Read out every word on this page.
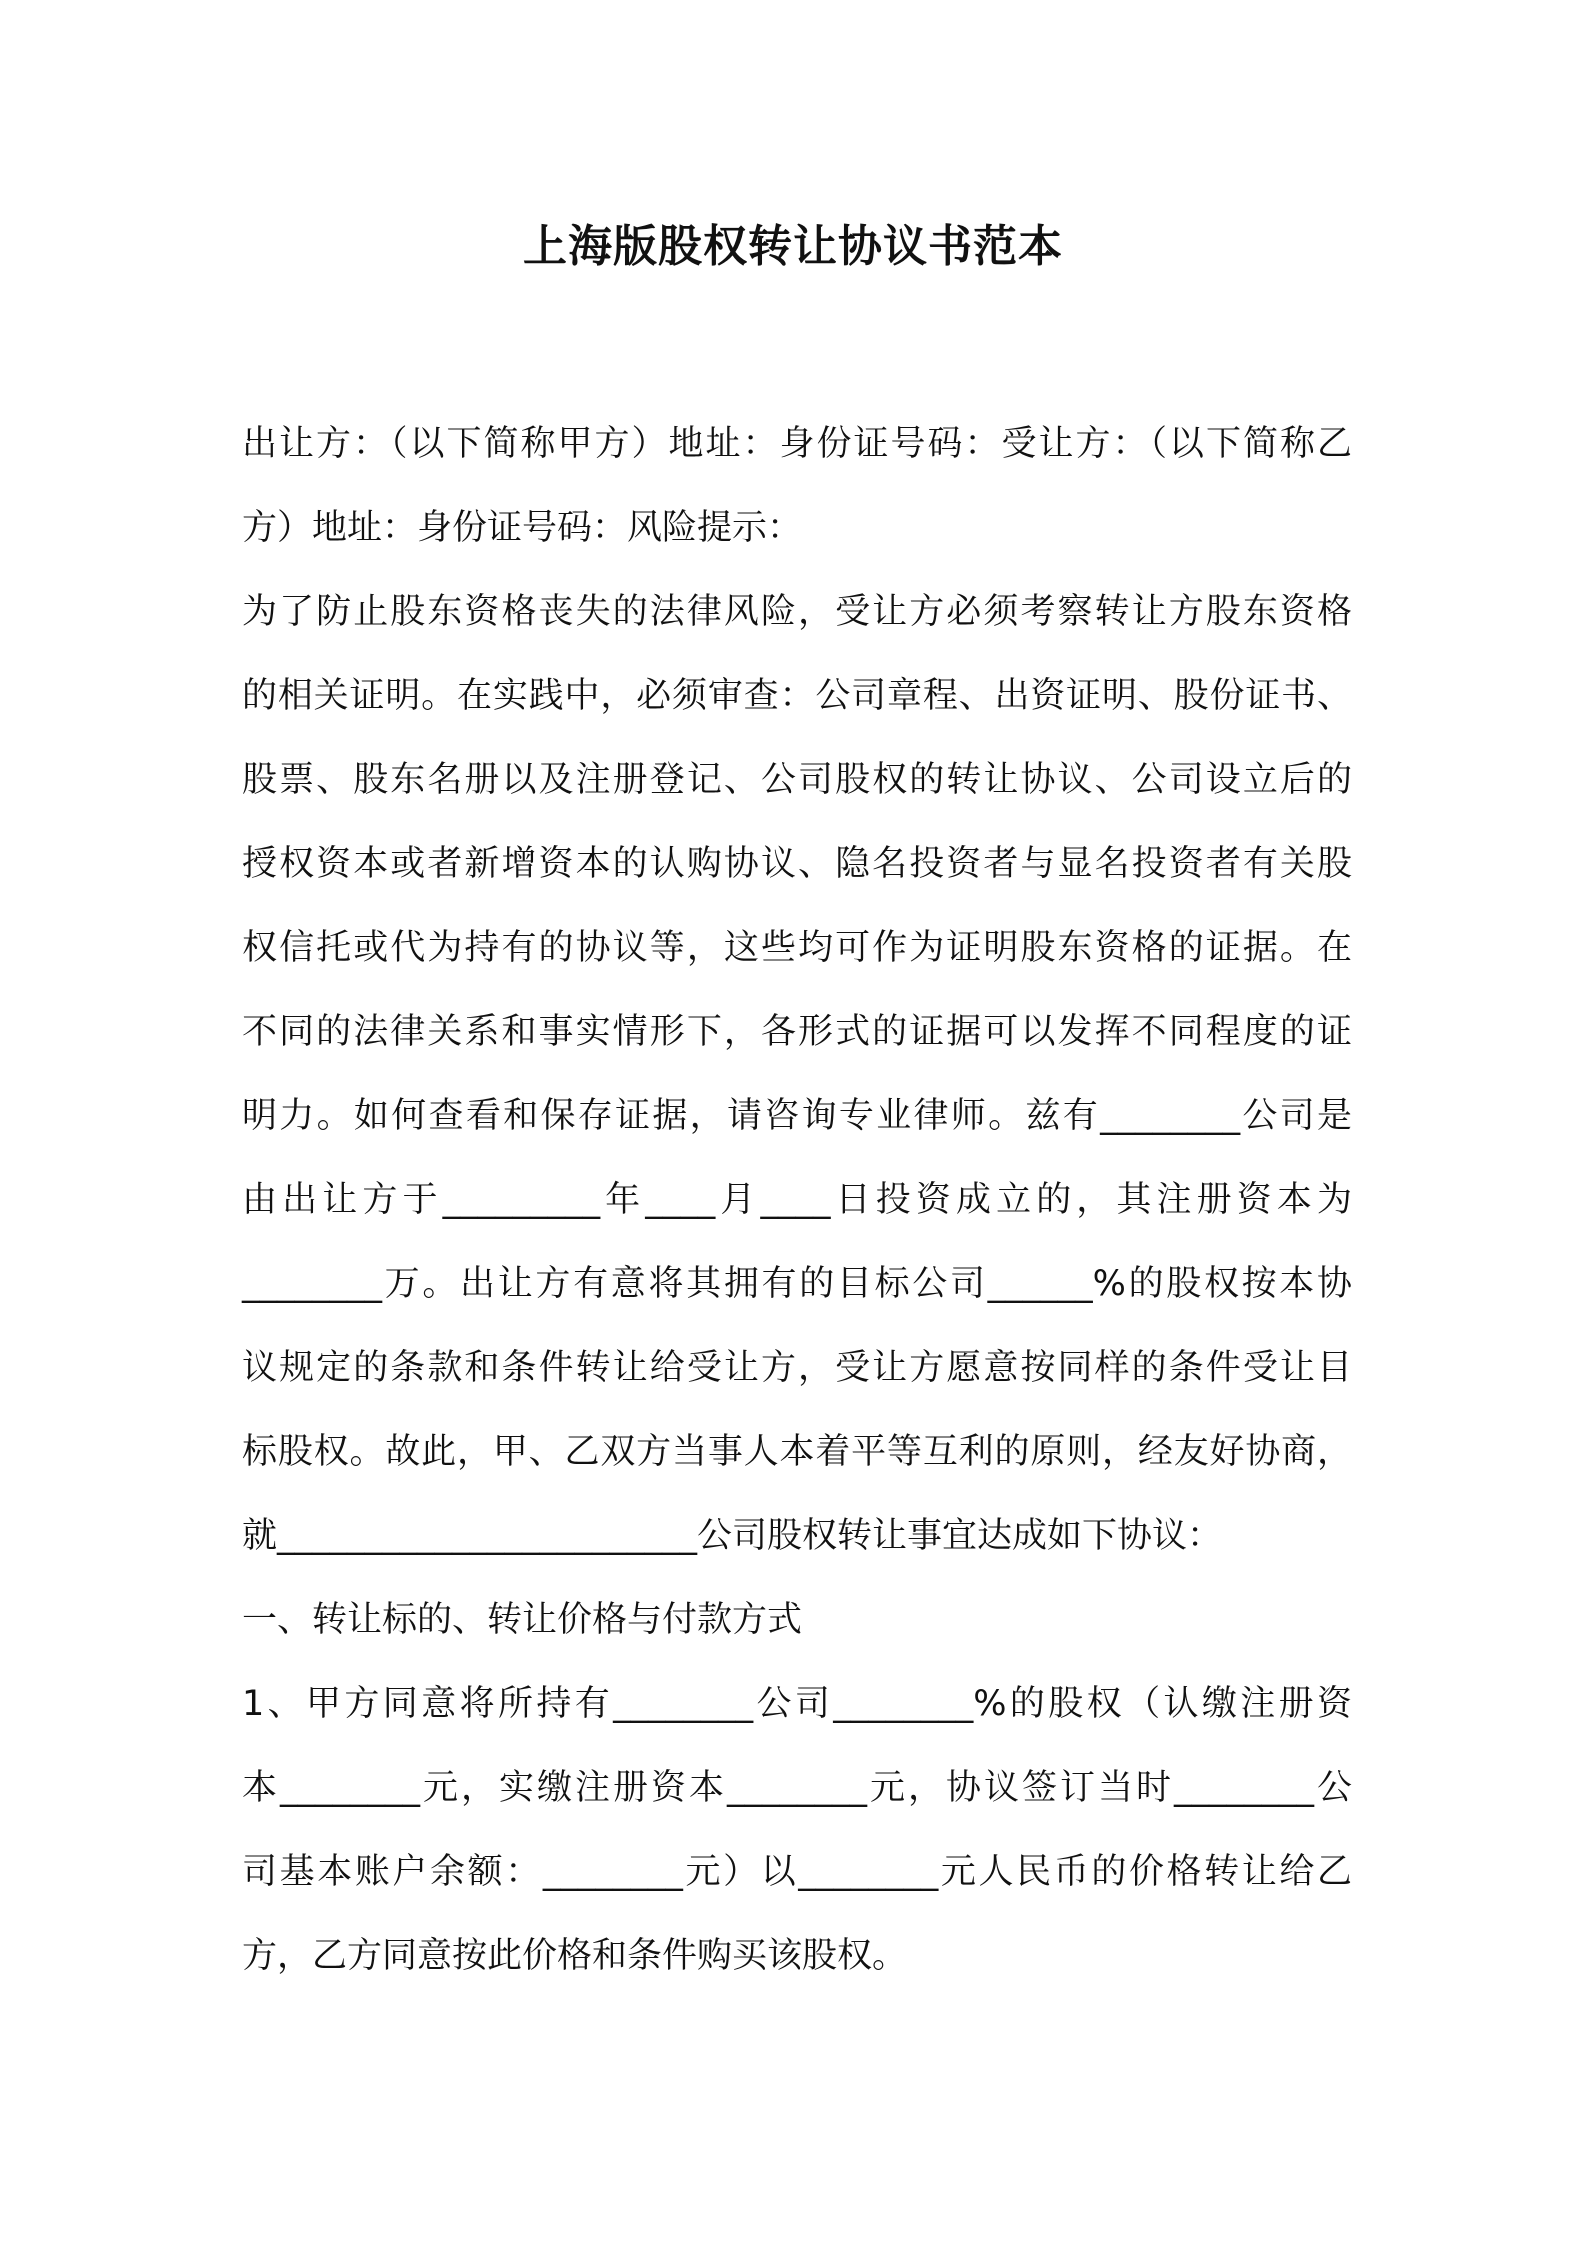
上海版股权转让协议书范本
出让方：（以下简称甲方）地址：身份证号码：受让方：（以下简称乙
方）地址：身份证号码：风险提示：
为了防止股东资格丧失的法律风险，受让方必须考察转让方股东资格
的相关证明。在实践中，必须审查：公司章程、出资证明、股份证书、
股票、股东名册以及注册登记、公司股权的转让协议、公司设立后的
授权资本或者新增资本的认购协议、隐名投资者与显名投资者有关股
权信托或代为持有的协议等，这些均可作为证明股东资格的证据。在
不同的法律关系和事实情形下，各形式的证据可以发挥不同程度的证
明力。如何查看和保存证据，请咨询专业律师。兹有________公司是
由出让方于_________年____月____日投资成立的，其注册资本为
________万。出让方有意将其拥有的目标公司______%的股权按本协
议规定的条款和条件转让给受让方，受让方愿意按同样的条件受让目
标股权。故此，甲、乙双方当事人本着平等互利的原则，经友好协商，
就________________________公司股权转让事宜达成如下协议：
一、转让标的、转让价格与付款方式
1、甲方同意将所持有________公司________%的股权（认缴注册资
本________元，实缴注册资本________元，协议签订当时________公
司基本账户余额：________元）以________元人民币的价格转让给乙
方，乙方同意按此价格和条件购买该股权。
